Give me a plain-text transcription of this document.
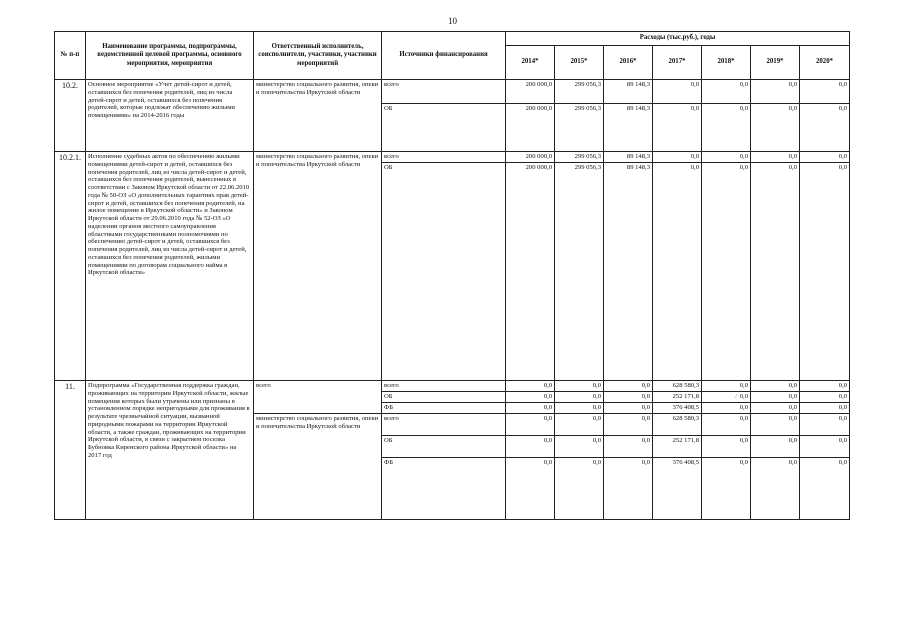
10
№ п-п	Наименование программы, подпрограммы, ведомственной целевой программы, основного мероприятия, мероприятия	Ответственный исполнитель, соисполнители, участники, участники мероприятий	Источники финансирования	Расходы (тыс.руб.), годы						
				2014*	2015*	2016*	2017*	2018*	2019*	2020*
10.2.	Основное мероприятие «Учет детей-сирот и детей, оставшихся без попечения родителей, лиц из числа детей-сирот и детей, оставшихся без попечения родителей, которые подлежат обеспечению жилыми помещениями» на 2014-2016 годы	министерство социального развития, опеки и попечительства Иркутской области	всего	200 000,0	299 056,3	89 148,3	0,0	0,0	0,0	0,0
			ОБ	200 000,0	299 056,3	89 148,3	0,0	0,0	0,0	0,0
10.2.1.	Исполнение судебных актов по обеспечению жилыми помещениями детей-сирот и детей, оставшихся без попечения родителей, лиц из числа детей-сирот и детей, оставшихся без попечения родителей, вынесенных в соответствии с Законом Иркутской области от 22.06.2010 года № 50-ОЗ «О дополнительных гарантиях прав детей-сирот и детей, оставшихся без попечения родителей, на жилое помещение в Иркутской области» и Законом Иркутской области от 29.06.2010 года № 52-ОЗ «О наделении органов местного самоуправления областными государственными полномочиями по обеспечению детей-сирот и детей, оставшихся без попечения родителей, лиц из числа детей-сирот и детей, оставшихся без попечения родителей, жилыми помещениями по договорам социального найма в Иркутской области»	министерство социального развития, опеки и попечительства Иркутской области	всего	200 000,0	299 056,3	89 148,3	0,0	0,0	0,0	0,0
			ОБ	200 000,0	299 056,3	89 148,3	0,0	0,0	0,0	0,0
11.	Подпрограмма «Государственная поддержка граждан, проживающих на территории Иркутской области, жилые помещения которых были утрачены или признаны в установленном порядке непригодными для проживания в результате чрезвычайной ситуации, вызванной природными пожарами на территории Иркутской области, а также граждан, проживающих на территории Иркутской области, в связи с закрытием поселка Бубновка Киренского района Иркутской области» на 2017 год	всего	всего	0,0	0,0	0,0	628 580,3	0,0	0,0	0,0
			ОБ	0,0	0,0	0,0	252 171,8	⁄ 0,0	0,0	0,0
			ФБ	0,0	0,0	0,0	376 408,5	0,0	0,0	0,0
		министерство социального развития, опеки и попечительства Иркутской области	всего	0,0	0,0	0,0	628 580,3	0,0	0,0	0,0
			ОБ	0,0	0,0	0,0	252 171,8	0,0	0,0	0,0
			ФБ	0,0	0,0	0,0	376 408,5	0,0	0,0	0,0
